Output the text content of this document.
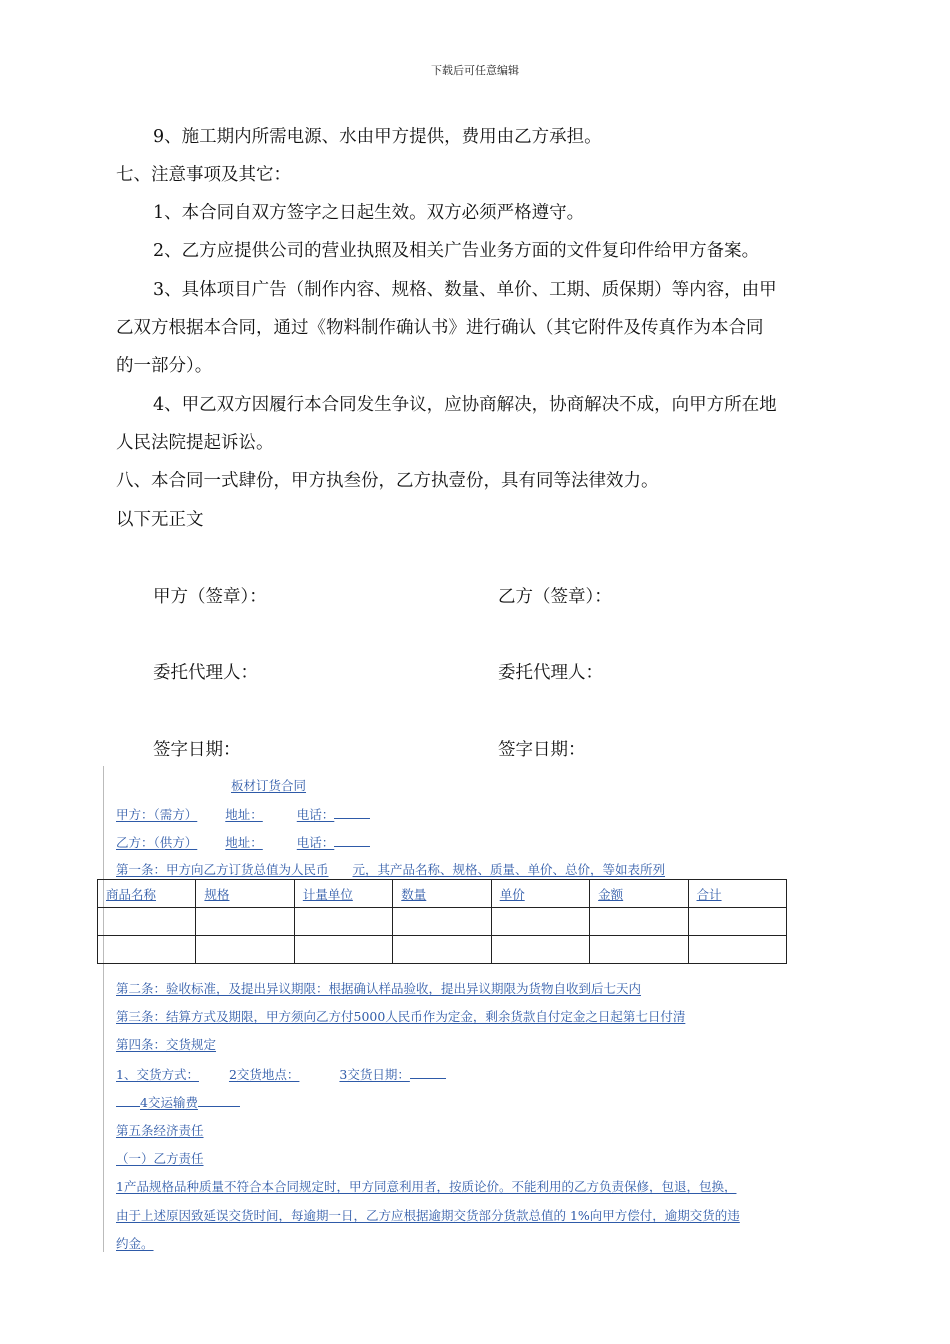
下载后可任意编辑
9、施工期内所需电源、水由甲方提供，费用由乙方承担。
七、注意事项及其它：
1、本合同自双方签字之日起生效。双方必须严格遵守。
2、乙方应提供公司的营业执照及相关广告业务方面的文件复印件给甲方备案。
3、具体项目广告（制作内容、规格、数量、单价、工期、质保期）等内容，由甲
乙双方根据本合同，通过《物料制作确认书》进行确认（其它附件及传真作为本合同
的一部分）。
4、甲乙双方因履行本合同发生争议，应协商解决，协商解决不成，向甲方所在地
人民法院提起诉讼。
八、本合同一式肆份，甲方执叁份，乙方执壹份，具有同等法律效力。
以下无正文
甲方（签章）：	乙方（签章）：
委托代理人：	委托代理人：
签字日期：	签字日期：
板材订货合同
甲方：（需方） 地址：	电话：
乙方：（供方） 地址：	电话：
第一条：甲方向乙方订货总值为人民币 元，其产品名称、规格、质量、单价、总价，等如表所列
商品名称	规格	计量单位	数量	单价	金额	合计

第二条：验收标准，及提出异议期限：根据确认样品验收，提出异议期限为货物自收到后七天内
第三条：结算方式及期限，甲方须向乙方付5000人民币作为定金，剩余货款自付定金之日起第七日付清
第四条：交货规定
1、交货方式： 2交货地点：	3交货日期：
4交运输费
第五条经济责任
（一）乙方责任
1产品规格品种质量不符合本合同规定时，甲方同意利用者，按质论价。不能利用的乙方负责保修，包退，包换，
由于上述原因致延误交货时间，每逾期一日，乙方应根据逾期交货部分货款总值的 1%向甲方偿付，逾期交货的违
约金。
